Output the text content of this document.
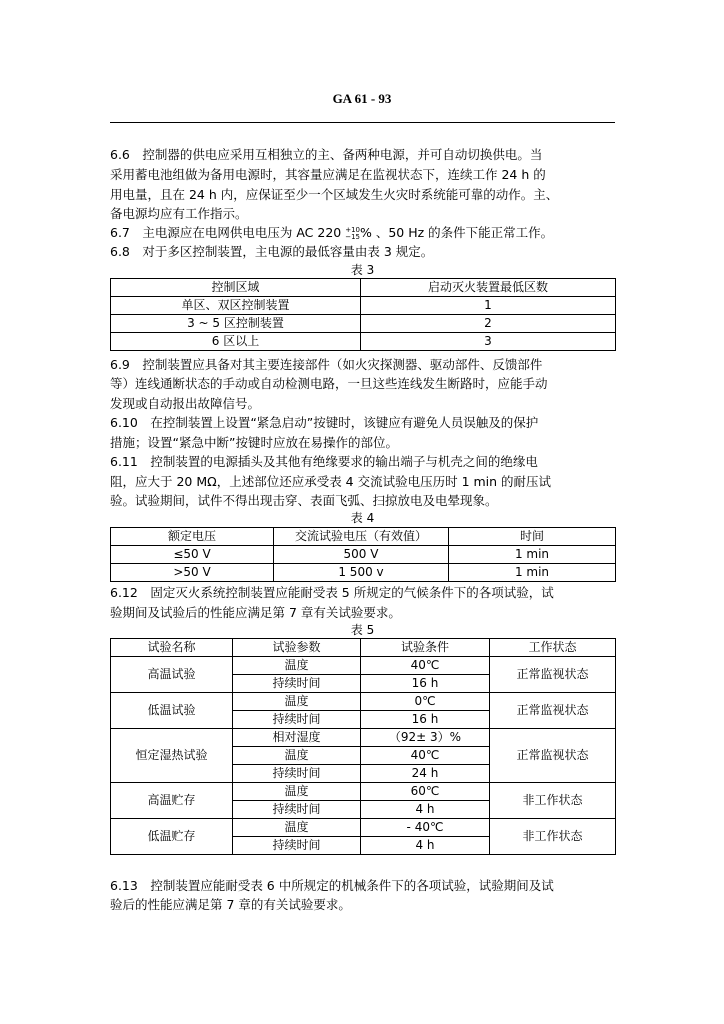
GA 61 - 93
6.6　控制器的供电应采用互相独立的主、备两种电源，并可自动切换供电。当
采用蓄电池组做为备用电源时，其容量应满足在监视状态下，连续工作 24 h 的
用电量，且在 24 h 内，应保证至少一个区域发生火灾时系统能可靠的动作。主、
备电源均应有工作指示。
6.7　主电源应在电网供电电压为 AC 220 +10
−15% 、50 Hz 的条件下能正常工作。
6.8　对于多区控制装置，主电源的最低容量由表 3 规定。
表 3
控制区域	启动灭火装置最低区数
单区、双区控制装置	1
3 ~ 5 区控制装置	2
6 区以上	3
6.9　控制装置应具备对其主要连接部件（如火灾探测器、驱动部件、反馈部件
等）连线通断状态的手动或自动检测电路，一旦这些连线发生断路时，应能手动
发现或自动报出故障信号。
6.10　在控制装置上设置“紧急启动”按键时，该键应有避免人员误触及的保护
措施；设置“紧急中断”按键时应放在易操作的部位。
6.11　控制装置的电源插头及其他有绝缘要求的输出端子与机壳之间的绝缘电
阻，应大于 20 MΩ，上述部位还应承受表 4 交流试验电压历时 1 min 的耐压试
验。试验期间，试件不得出现击穿、表面飞弧、扫掠放电及电晕现象。
表 4
额定电压	交流试验电压（有效值）	时间
≤50 V	500 V	1 min
>50 V	1 500 v	1 min
6.12　固定灭火系统控制装置应能耐受表 5 所规定的气候条件下的各项试验，试
验期间及试验后的性能应满足第 7 章有关试验要求。
表 5
试验名称	试验参数	试验条件	工作状态
高温试验	温度	40℃	正常监视状态
	持续时间	16 h	
低温试验	温度	0℃	正常监视状态
	持续时间	16 h	
恒定湿热试验	相对湿度	（92± 3）%	正常监视状态
	温度	40℃	
	持续时间	24 h	
高温贮存	温度	60℃	非工作状态
	持续时间	4 h	
低温贮存	温度	- 40℃	非工作状态
	持续时间	4 h	
6.13　控制装置应能耐受表 6 中所规定的机械条件下的各项试验，试验期间及试
验后的性能应满足第 7 章的有关试验要求。
